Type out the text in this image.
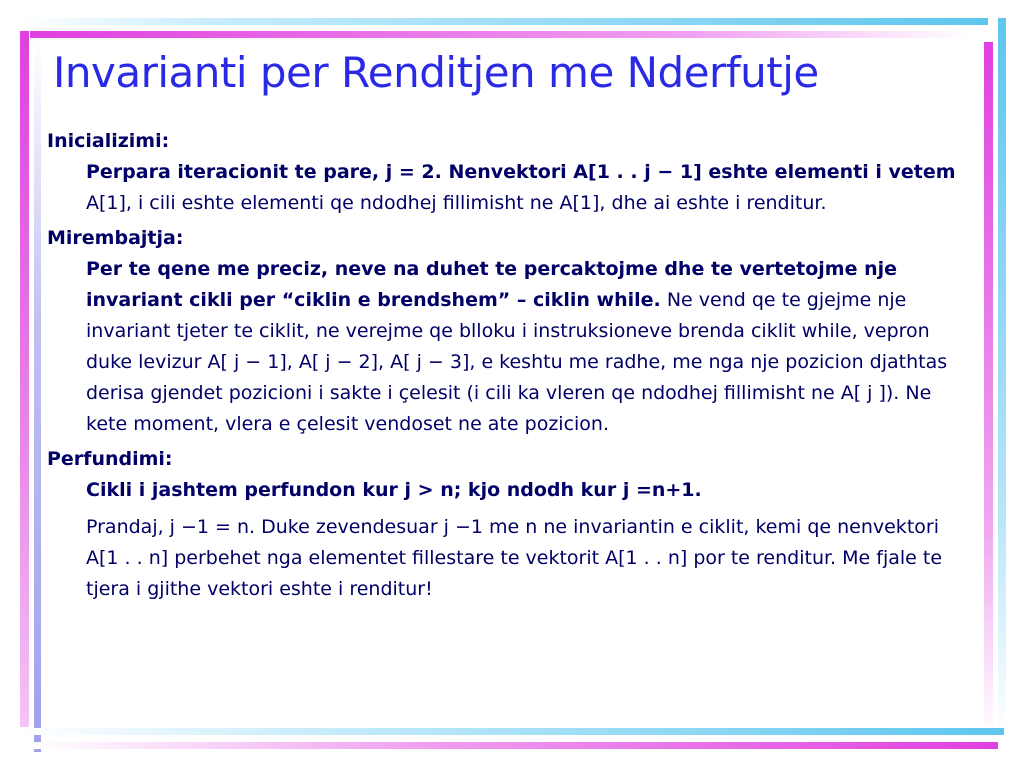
Invarianti per Renditjen me Nderfutje

Inicializimi:

Perpara iteracionit te pare, j = 2. Nenvektori A[1 . . j − 1] eshte elementi i vetem A[1], i cili eshte elementi qe ndodhej fillimisht ne A[1], dhe ai eshte i renditur.

Mirembajtja:

Per te qene me preciz, neve na duhet te percaktojme dhe te vertetojme nje invariant cikli per “ciklin e brendshem” – ciklin while. Ne vend qe te gjejme nje invariant tjeter te ciklit, ne verejme qe blloku i instruksioneve brenda ciklit while, vepron duke levizur A[ j − 1], A[ j − 2], A[ j − 3], e keshtu me radhe, me nga nje pozicion djathtas derisa gjendet pozicioni i sakte i çelesit (i cili ka vleren qe ndodhej fillimisht ne A[ j ]). Ne kete moment, vlera e çelesit vendoset ne ate pozicion.

Perfundimi:

Cikli i jashtem perfundon kur j > n; kjo ndodh kur j =n+1.

Prandaj, j −1 = n. Duke zevendesuar j −1 me n ne invariantin e ciklit, kemi qe nenvektori A[1 . . n] perbehet nga elementet fillestare te vektorit A[1 . . n] por te renditur. Me fjale te tjera i gjithe vektori eshte i renditur!
